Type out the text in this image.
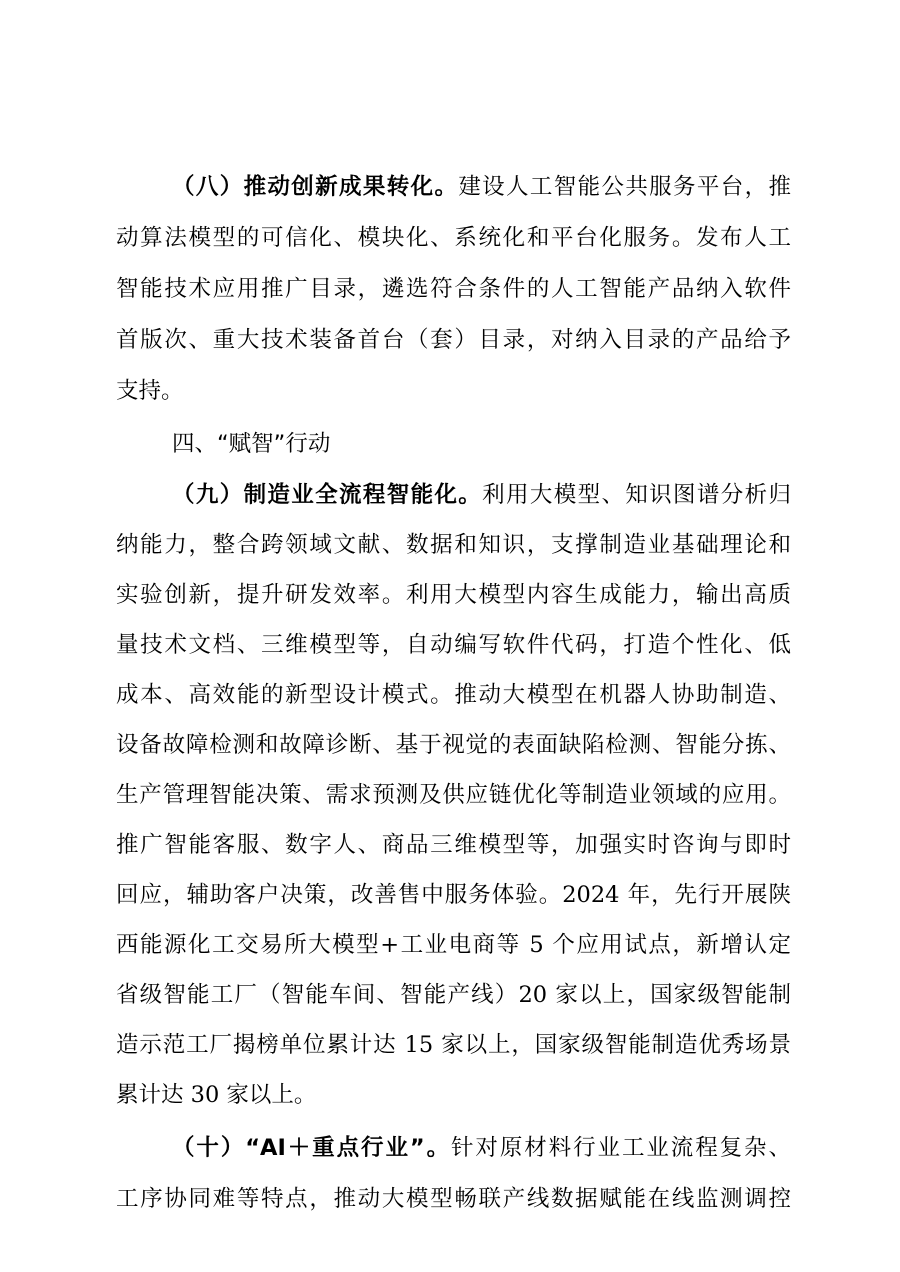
（八）推动创新成果转化。建设人工智能公共服务平台，推
动算法模型的可信化、模块化、系统化和平台化服务。发布人工
智能技术应用推广目录，遴选符合条件的人工智能产品纳入软件
首版次、重大技术装备首台（套）目录，对纳入目录的产品给予
支持。
四、“赋智”行动
（九）制造业全流程智能化。利用大模型、知识图谱分析归
纳能力，整合跨领域文献、数据和知识，支撑制造业基础理论和
实验创新，提升研发效率。利用大模型内容生成能力，输出高质
量技术文档、三维模型等，自动编写软件代码，打造个性化、低
成本、高效能的新型设计模式。推动大模型在机器人协助制造、
设备故障检测和故障诊断、基于视觉的表面缺陷检测、智能分拣、
生产管理智能决策、需求预测及供应链优化等制造业领域的应用。
推广智能客服、数字人、商品三维模型等，加强实时咨询与即时
回应，辅助客户决策，改善售中服务体验。2024 年，先行开展陕
西能源化工交易所大模型+工业电商等 5 个应用试点，新增认定
省级智能工厂（智能车间、智能产线）20 家以上，国家级智能制
造示范工厂揭榜单位累计达 15 家以上，国家级智能制造优秀场景
累计达 30 家以上。
（十）“AI＋重点行业”。针对原材料行业工业流程复杂、
工序协同难等特点，推动大模型畅联产线数据赋能在线监测调控
